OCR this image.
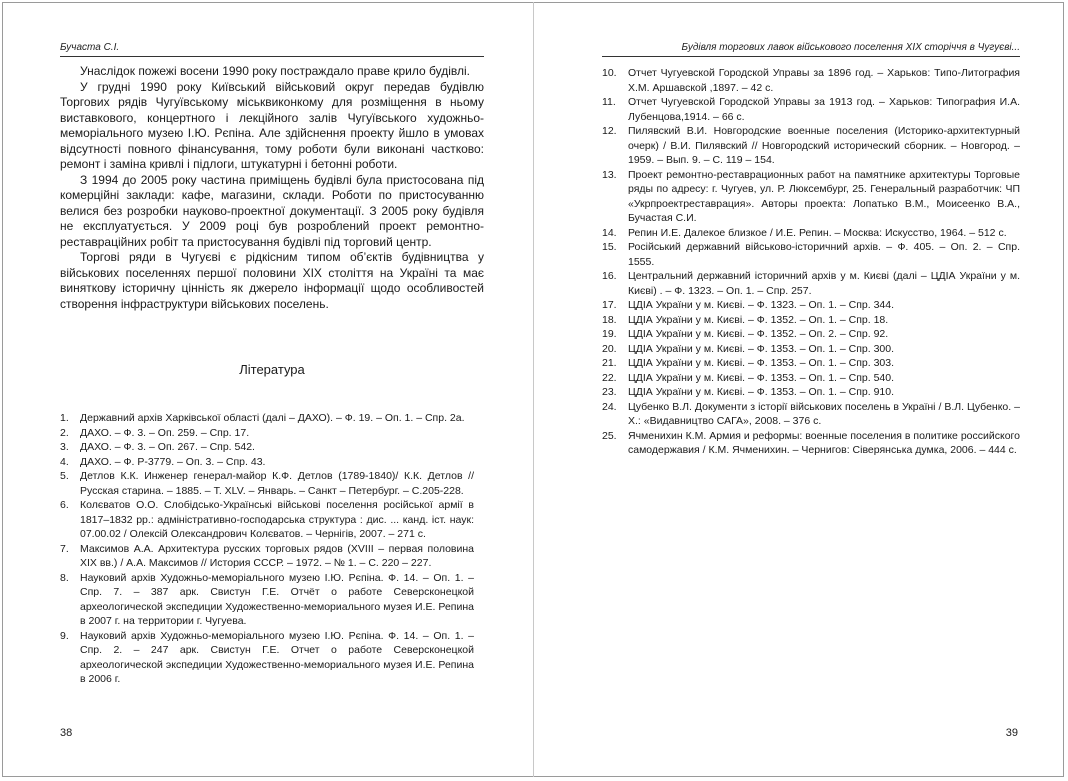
Бучаста С.І.

Унаслідок пожежі восени 1990 року постраждало праве крило будівлі.

У грудні 1990 року Київський військовий округ передав будівлю Торгових рядів Чугуївському міськвиконкому для розміщення в ньому виставкового, концертного і лекційного залів Чугуївського художньо-меморіального музею І.Ю. Рєпіна. Але здійснення проекту йшло в умовах відсутності повного фінансування, тому роботи були виконані частково: ремонт і заміна кривлі і підлоги, штукатурні і бетонні роботи.

З 1994 до 2005 року частина приміщень будівлі була пристосована під комерційні заклади: кафе, магазини, склади. Роботи по пристосуванню велися без розробки науково-проектної документації. З 2005 року будівля не експлуатується. У 2009 році був розроблений проект ремонтно-реставраційних робіт та пристосування будівлі під торговий центр.

Торгові ряди в Чугуєві є рідкісним типом об’єктів будівництва у військових поселеннях першої половини XIX століття на Україні та має виняткову історичну цінність як джерело інформації щодо особливостей створення інфраструктури військових поселень.

Література
1.	Державний архів Харківської області (далі – ДАХО). – Ф. 19. – Оп. 1. – Спр. 2а.
2.	ДАХО. – Ф. 3. – Оп. 259. – Спр. 17.
3.	ДАХО. – Ф. 3. – Оп. 267. – Спр. 542.
4.	ДАХО. – Ф. Р-3779. – Оп. 3. – Спр. 43.
5.	Детлов К.К. Инженер генерал-майор К.Ф. Детлов (1789-1840)/ К.К. Детлов // Русская старина. – 1885. – Т. XLV. – Январь. – Санкт – Петербург. – С.205-228.
6.	Колєватов О.О. Слобідсько-Українські військові поселення російської армії в 1817–1832 рр.: адміністративно-господарська структура : дис. ... канд. іст. наук: 07.00.02 / Олексій Олександрович Колєватов. – Чернігів, 2007. – 271 с.
7.	Максимов А.А. Архитектура русских торговых рядов (XVIII – первая половина XIX вв.) / А.А. Максимов // История СССР. – 1972. – № 1. – С. 220 – 227.
8.	Науковий архів Художньо-меморіального музею І.Ю. Рєпіна. Ф. 14. – Оп. 1. – Спр. 7. – 387 арк. Свистун Г.Е. Отчёт о работе Северсконецкой археологической экспедиции Художественно-мемориального музея И.Е. Репина в 2007 г. на территории г. Чугуева.
9.	Науковий архів Художньо-меморіального музею І.Ю. Рєпіна. Ф. 14. – Оп. 1. – Спр. 2. – 247 арк. Свистун Г.Е. Отчет о работе Северсконецкой археологической экспедиции Художественно-мемориального музея И.Е. Репина в 2006 г.
38
Будівля торгових лавок військового поселення XIX сторіччя в Чугуєві...
10.	Отчет Чугуевской Городской Управы за 1896 год. – Харьков: Типо-Литография Х.М. Аршавской ,1897. – 42 с.
11.	Отчет Чугуевской Городской Управы за 1913 год. – Харьков: Типография И.А. Лубенцова,1914. – 66 с.
12.	Пилявский В.И. Новгородские военные поселения (Историко-архитектурный очерк) / В.И. Пилявский // Новгородский исторический сборник. – Новгород. – 1959. – Вып. 9. – С. 119 – 154.
13.	Проект ремонтно-реставрационных работ на памятнике архитектуры Торговые ряды по адресу: г. Чугуев, ул. Р. Люксембург, 25. Генеральный разработчик: ЧП «Укрпроектреставрация». Авторы проекта: Лопатько В.М., Моисеенко В.А., Бучастая С.И.
14.	Репин И.Е. Далекое близкое / И.Е. Репин. – Москва: Искусство, 1964. – 512 с.
15.	Російський державний військово-історичний архів. – Ф. 405. – Оп. 2. – Спр. 1555.
16.	Центральний державний історичний архів у м. Києві (далі – ЦДІА України у м. Києві) . – Ф. 1323. – Оп. 1. – Спр. 257.
17.	ЦДІА України у м. Києві. – Ф. 1323. – Оп. 1. – Спр. 344.
18.	ЦДІА України у м. Києві. – Ф. 1352. – Оп. 1. – Спр. 18.
19.	ЦДІА України у м. Києві. – Ф. 1352. – Оп. 2. – Спр. 92.
20.	ЦДІА України у м. Києві. – Ф. 1353. – Оп. 1. – Спр. 300.
21.	ЦДІА України у м. Києві. – Ф. 1353. – Оп. 1. – Спр. 303.
22.	ЦДІА України у м. Києві. – Ф. 1353. – Оп. 1. – Спр. 540.
23.	ЦДІА України у м. Києві. – Ф. 1353. – Оп. 1. – Спр. 910.
24.	Цубенко В.Л. Документи з історії військових поселень в Україні / В.Л. Цубенко. – Х.: «Видавництво САГА», 2008. – 376 с.
25.	Ячменихин К.М. Армия и реформы: военные поселения в политике российского самодержавия / К.М. Ячменихин. – Чернигов: Сіверянська думка, 2006. – 444 с.
39
